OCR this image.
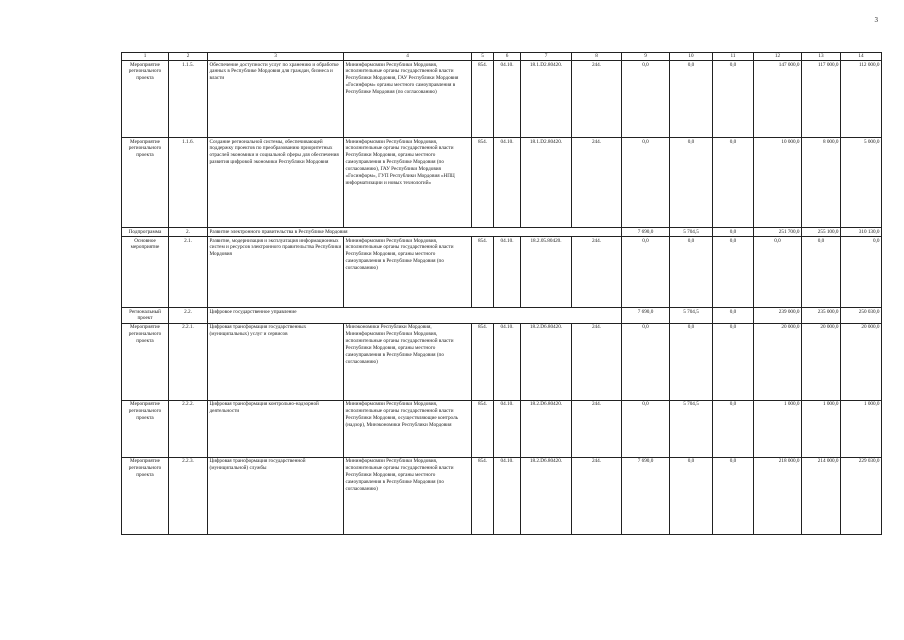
3
1	2	3	4	5	6	7	8	9	10	11	12	13	14
Мероприятие регионального проекта	1.1.5.	Обеспечение доступности услуг по хранению и обработке данных в Республике Мордовия для граждан, бизнеса и власти	Мининформсвязи Республики Мордовия, исполнительные органы государственной власти Республики Мордовия, ГАУ Республики Мордовия «Госинформ» органы местного самоуправления в Республике Мордовия (по согласованию)	854.	04.10.	18.1.D2.80420.	244.	0,0	0,0	0,0	147 000,0	117 000,0	112 000,0
Мероприятие регионального проекта	1.1.6.	Создание региональной системы, обеспечивающей поддержку проектов по преобразованию приоритетных отраслей экономики и социальной сферы для обеспечения развития цифровой экономики Республики Мордовия	Мининформсвязи Республики Мордовия, исполнительные органы государственной власти Республики Мордовия, органы местного самоуправления в Республике Мордовия (по согласованию), ГАУ Республики Мордовия «Госинформ», ГУП Республики Мордовия «НПЦ информатизации и новых технологий»	854.	04.10.	18.1.D2.80420.	244.	0,0	0,0	0,0	10 000,0	8 000,0	5 000,0
Подпрограмма	2.	Развитие электронного правительства в Республике Мордовия						7 690,0	5 704,5	0,0	251 700,0	255 100,0	310 130,0
Основное мероприятие	2.1.	Развитие, модернизация и эксплуатация информационных систем и ресурсов электронного правительства Республики Мордовия	Мининформсвязи Республики Мордовия, исполнительные органы государственной власти Республики Мордовия, органы местного самоуправления в Республике Мордовия (по согласованию)	854.	04.10.	18.2.05.80420.	244.	0,0	0,0	0,0	0,0	0,0	0,0
Региональный проект	2.2.	Цифровое государственное управление						7 690,0	5 704,5	0,0	239 000,0	235 000,0	250 030,0
Мероприятие регионального проекта	2.2.1.	Цифровая трансформация государственных (муниципальных) услуг и сервисов	Минэкономики Республики Мордовия, Мининформсвязи Республики Мордовия, исполнительные органы государственной власти Республики Мордовия, органы местного самоуправления в Республике Мордовия (по согласованию)	854.	04.10.	18.2.D6.80420.	244.	0,0	0,0	0,0	20 000,0	20 000,0	20 000,0
Мероприятие регионального проекта	2.2.2.	Цифровая трансформация контрольно-надзорной деятельности	Мининформсвязи Республики Мордовия, исполнительные органы государственной власти Республики Мордовия, осуществляющие контроль (надзор), Минэкономики Республики Мордовия	854.	04.10.	18.2.D6.80420.	244.	0,0	5 704,5	0,0	1 000,0	1 000,0	1 000,0
Мероприятие регионального проекта	2.2.3.	Цифровая трансформация государственной (муниципальной) службы	Мининформсвязи Республики Мордовия, исполнительные органы государственной власти Республики Мордовия, органы местного самоуправления в Республике Мордовия (по согласованию)	854.	04.10.	18.2.D6.80420.	244.	7 690,0	0,0	0,0	218 000,0	214 000,0	229 030,0
